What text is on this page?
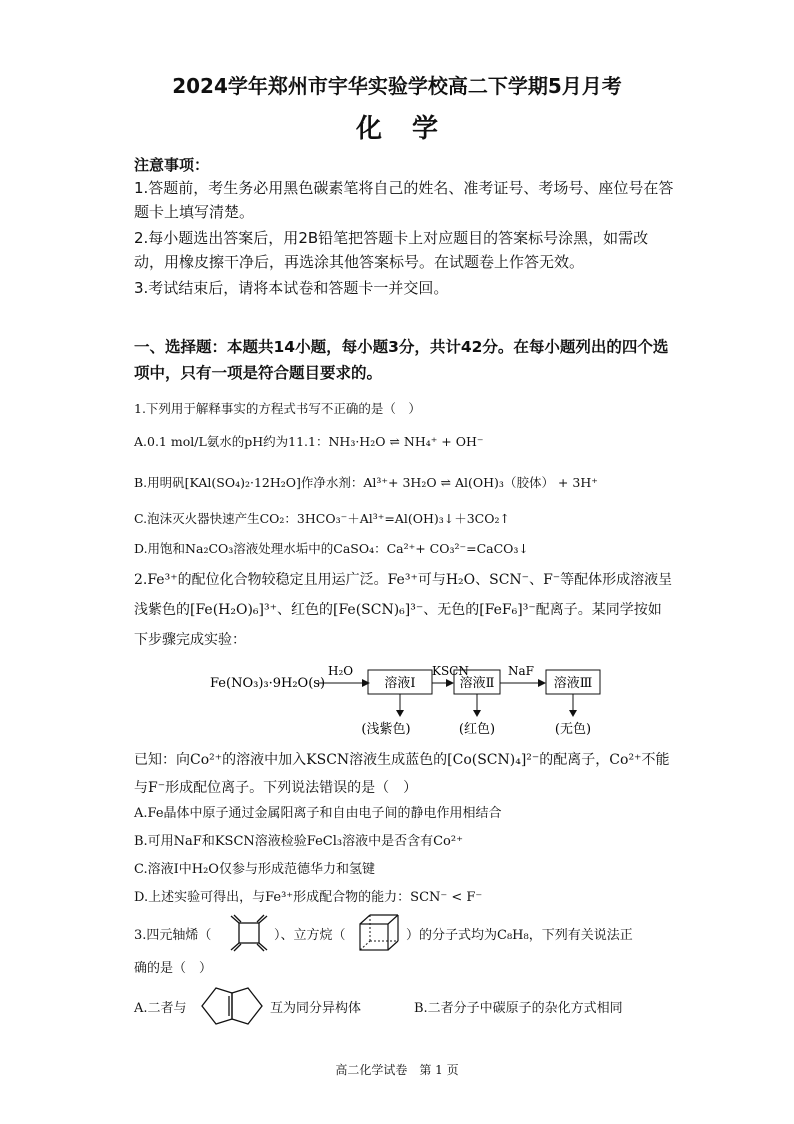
2024学年郑州市宇华实验学校高二下学期5月月考
化学
注意事项：
1.答题前，考生务必用黑色碳素笔将自己的姓名、准考证号、考场号、座位号在答题卡上填写清楚。
2.每小题选出答案后，用2B铅笔把答题卡上对应题目的答案标号涂黑，如需改动，用橡皮擦干净后，再选涂其他答案标号。在试题卷上作答无效。
3.考试结束后，请将本试卷和答题卡一并交回。
一、选择题：本题共14小题，每小题3分，共计42分。在每小题列出的四个选项中，只有一项是符合题目要求的。
1.下列用于解释事实的方程式书写不正确的是（　）
A.0.1 mol/L氨水的pH约为11.1：NH₃·H₂O ⇌ NH₄⁺ + OH⁻
B.用明矾[KAl(SO₄)₂·12H₂O]作净水剂：Al³⁺+ 3H₂O ⇌ Al(OH)₃（胶体） + 3H⁺
C.泡沫灭火器快速产生CO₂：3HCO₃⁻＋Al³⁺=Al(OH)₃↓＋3CO₂↑
D.用饱和Na₂CO₃溶液处理水垢中的CaSO₄：Ca²⁺+ CO₃²⁻=CaCO₃↓
2.Fe³⁺的配位化合物较稳定且用运广泛。Fe³⁺可与H₂O、SCN⁻、F⁻等配体形成溶液呈浅紫色的[Fe(H₂O)₆]³⁺、红色的[Fe(SCN)₆]³⁻、无色的[FeF₆]³⁻配离子。某同学按如下步骤完成实验：
Fe(NO₃)₃·9H₂O(s)
H₂O
溶液Ⅰ
KSCN
溶液Ⅱ
NaF
溶液Ⅲ
(浅紫色)	(红色)	(无色)
已知：向Co²⁺的溶液中加入KSCN溶液生成蓝色的[Co(SCN)₄]²⁻的配离子，Co²⁺不能与F⁻形成配位离子。下列说法错误的是（　）
A.Fe晶体中原子通过金属阳离子和自由电子间的静电作用相结合
B.可用NaF和KSCN溶液检验FeCl₃溶液中是否含有Co²⁺
C.溶液Ⅰ中H₂O仅参与形成范德华力和氢键
D.上述实验可得出，与Fe³⁺形成配合物的能力：SCN⁻ < F⁻
3.四元轴烯（	）、立方烷（	）的分子式均为C₈H₈，下列有关说法正
确的是（　）
A.二者与	互为同分异构体	B.二者分子中碳原子的杂化方式相同
高二化学试卷　第 1 页
